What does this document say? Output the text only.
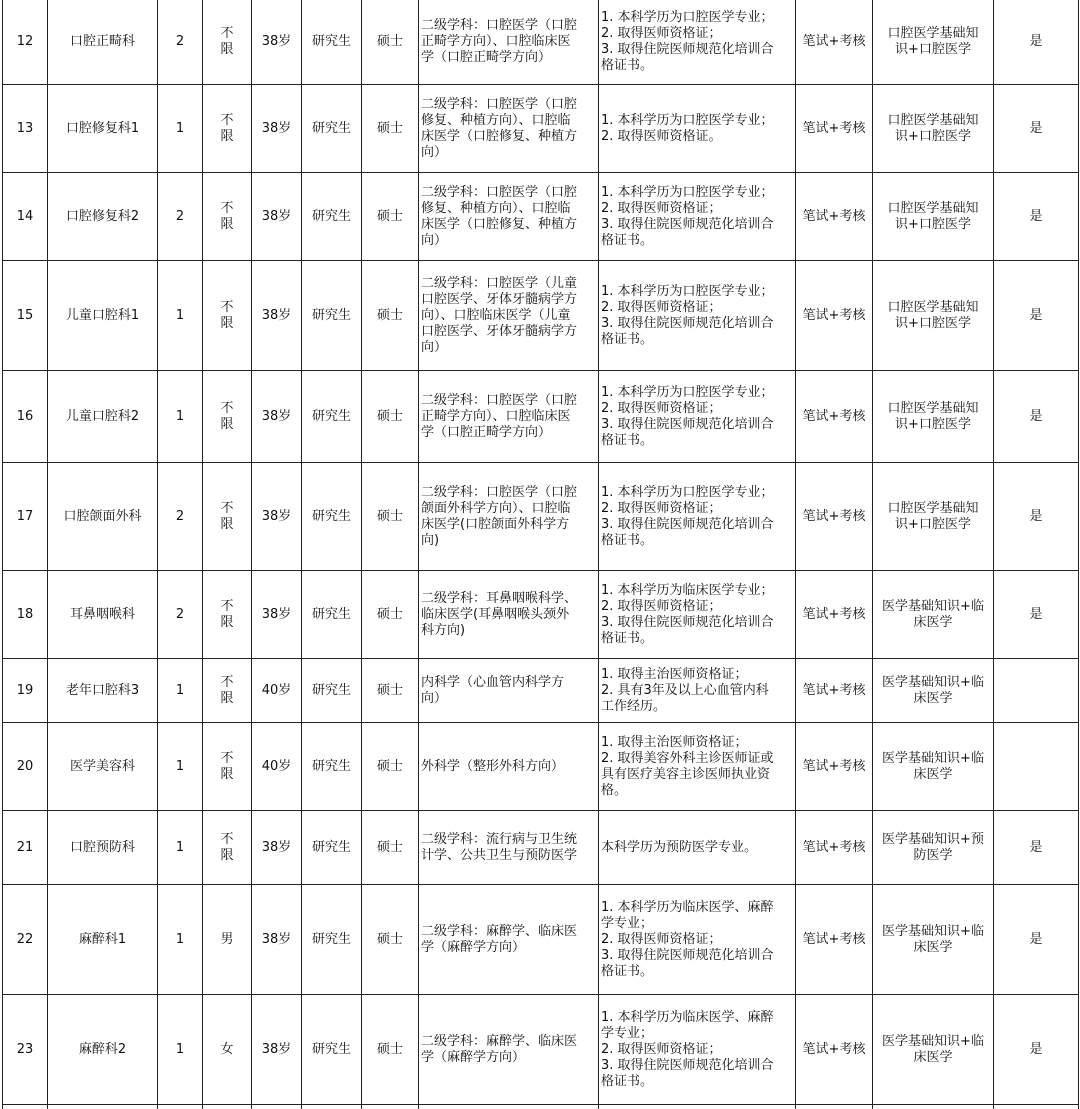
12	口腔正畸科	2	不
限	38岁	研究生	硕士	二级学科：口腔医学（口腔
正畸学方向）、口腔临床医
学（口腔正畸学方向）	1. 本科学历为口腔医学专业；
2. 取得医师资格证；
3. 取得住院医师规范化培训合
格证书。	笔试+考核	口腔医学基础知
识+口腔医学	是
13	口腔修复科1	1	不
限	38岁	研究生	硕士	二级学科：口腔医学（口腔
修复、种植方向）、口腔临
床医学（口腔修复、种植方
向）	1. 本科学历为口腔医学专业；
2. 取得医师资格证。	笔试+考核	口腔医学基础知
识+口腔医学	是
14	口腔修复科2	2	不
限	38岁	研究生	硕士	二级学科：口腔医学（口腔
修复、种植方向）、口腔临
床医学（口腔修复、种植方
向）	1. 本科学历为口腔医学专业；
2. 取得医师资格证；
3. 取得住院医师规范化培训合
格证书。	笔试+考核	口腔医学基础知
识+口腔医学	是
15	儿童口腔科1	1	不
限	38岁	研究生	硕士	二级学科：口腔医学（儿童
口腔医学、牙体牙髓病学方
向）、口腔临床医学（儿童
口腔医学、牙体牙髓病学方
向）	1. 本科学历为口腔医学专业；
2. 取得医师资格证；
3. 取得住院医师规范化培训合
格证书。	笔试+考核	口腔医学基础知
识+口腔医学	是
16	儿童口腔科2	1	不
限	38岁	研究生	硕士	二级学科：口腔医学（口腔
正畸学方向）、口腔临床医
学（口腔正畸学方向）	1. 本科学历为口腔医学专业；
2. 取得医师资格证；
3. 取得住院医师规范化培训合
格证书。	笔试+考核	口腔医学基础知
识+口腔医学	是
17	口腔颌面外科	2	不
限	38岁	研究生	硕士	二级学科：口腔医学（口腔
颌面外科学方向）、口腔临
床医学(口腔颌面外科学方
向)	1. 本科学历为口腔医学专业；
2. 取得医师资格证；
3. 取得住院医师规范化培训合
格证书。	笔试+考核	口腔医学基础知
识+口腔医学	是
18	耳鼻咽喉科	2	不
限	38岁	研究生	硕士	二级学科：耳鼻咽喉科学、
临床医学(耳鼻咽喉头颈外
科方向)	1. 本科学历为临床医学专业；
2. 取得医师资格证；
3. 取得住院医师规范化培训合
格证书。	笔试+考核	医学基础知识+临
床医学	是
19	老年口腔科3	1	不
限	40岁	研究生	硕士	内科学（心血管内科学方
向）	1. 取得主治医师资格证；
2. 具有3年及以上心血管内科
工作经历。	笔试+考核	医学基础知识+临
床医学	
20	医学美容科	1	不
限	40岁	研究生	硕士	外科学（整形外科方向）	1. 取得主治医师资格证；
2. 取得美容外科主诊医师证或
具有医疗美容主诊医师执业资
格。	笔试+考核	医学基础知识+临
床医学	
21	口腔预防科	1	不
限	38岁	研究生	硕士	二级学科：流行病与卫生统
计学、公共卫生与预防医学	本科学历为预防医学专业。	笔试+考核	医学基础知识+预
防医学	是
22	麻醉科1	1	男	38岁	研究生	硕士	二级学科：麻醉学、临床医
学（麻醉学方向）	1. 本科学历为临床医学、麻醉
学专业；
2. 取得医师资格证；
3. 取得住院医师规范化培训合
格证书。	笔试+考核	医学基础知识+临
床医学	是
23	麻醉科2	1	女	38岁	研究生	硕士	二级学科：麻醉学、临床医
学（麻醉学方向）	1. 本科学历为临床医学、麻醉
学专业；
2. 取得医师资格证；
3. 取得住院医师规范化培训合
格证书。	笔试+考核	医学基础知识+临
床医学	是
